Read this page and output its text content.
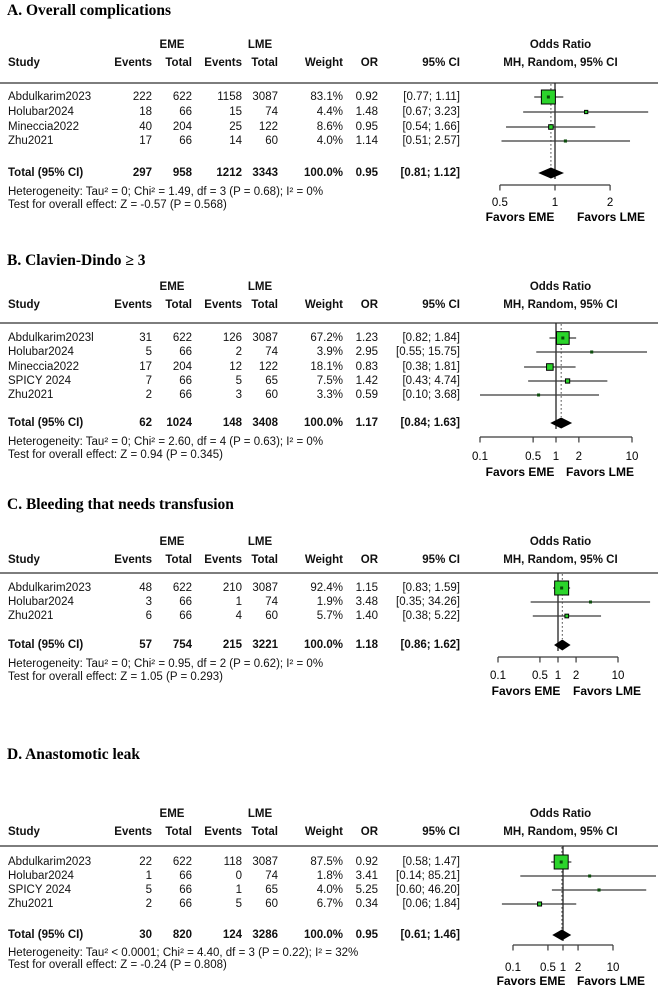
A. Overall complications
EME	LME	Odds Ratio
Study	Events	Total	Events Total	Weight	OR	95% CI	MH, Random, 95% CI
Abdulkarim2023	222	622	1158 3087	83.1%	0.92	[0.77; 1.11]
Holubar2024	18	66	15	74	4.4%	1.48	[0.67; 3.23]
Mineccia2022	40	204	25	122	8.6%	0.95	[0.54; 1.66]
Zhu2021	17	66	14	60	4.0%	1.14	[0.51; 2.57]
Total (95% CI)	297	958	1212 3343	100.0%	0.95	[0.81; 1.12]
Heterogeneity: Tau² = 0; Chi² = 1.49, df = 3 (P = 0.68); I² = 0%
Test for overall effect: Z = -0.57 (P = 0.568)	0.5	1	2
Favors EME Favors LME
B. Clavien-Dindo ≥ 3
EME	LME	Odds Ratio
Study	Events	Total	Events Total	Weight	OR	95% CI	MH, Random, 95% CI
Abdulkarim2023l	31	622	126 3087	67.2%	1.23	[0.82; 1.84]
Holubar2024	5	66	2	74	3.9%	2.95	[0.55; 15.75]
Mineccia2022	17	204	12	122	18.1%	0.83	[0.38; 1.81]
SPICY 2024	7	66	5	65	7.5%	1.42	[0.43; 4.74]
Zhu2021	2	66	3	60	3.3%	0.59	[0.10; 3.68]
Total (95% CI)	62	1024	148 3408	100.0%	1.17	[0.84; 1.63]
Heterogeneity: Tau² = 0; Chi² = 2.60, df = 4 (P = 0.63); I² = 0%
Test for overall effect: Z = 0.94 (P = 0.345)	0.1	0.5 1 2	10
Favors EME Favors LME
C. Bleeding that needs transfusion
EME	LME	Odds Ratio
Study	Events	Total	Events Total	Weight	OR	95% CI	MH, Random, 95% CI
Abdulkarim2023	48	622	210 3087	92.4%	1.15	[0.83; 1.59]
Holubar2024	3	66	1	74	1.9%	3.48	[0.35; 34.26]
Zhu2021	6	66	4	60	5.7%	1.40	[0.38; 5.22]
Total (95% CI)	57	754	215 3221	100.0%	1.18	[0.86; 1.62]
Heterogeneity: Tau² = 0; Chi² = 0.95, df = 2 (P = 0.62); I² = 0%
Test for overall effect: Z = 1.05 (P = 0.293)	0.1 0.5 1 2	10
Favors EME Favors LME
D. Anastomotic leak
EME	LME	Odds Ratio
Study	Events	Total	Events Total	Weight	OR	95% CI	MH, Random, 95% CI
Abdulkarim2023	22	622	118 3087	87.5%	0.92	[0.58; 1.47]
Holubar2024	1	66	0	74	1.8%	3.41	[0.14; 85.21]
SPICY 2024	5	66	1	65	4.0%	5.25	[0.60; 46.20]
Zhu2021	2	66	5	60	6.7%	0.34	[0.06; 1.84]
Total (95% CI)	30	820	124 3286	100.0%	0.95	[0.61; 1.46]
Heterogeneity: Tau² < 0.0001; Chi² = 4.40, df = 3 (P = 0.22); I² = 32%
Test for overall effect: Z = -0.24 (P = 0.808)	0.1 0.5 1 2 10
Favors EME Favors LME
